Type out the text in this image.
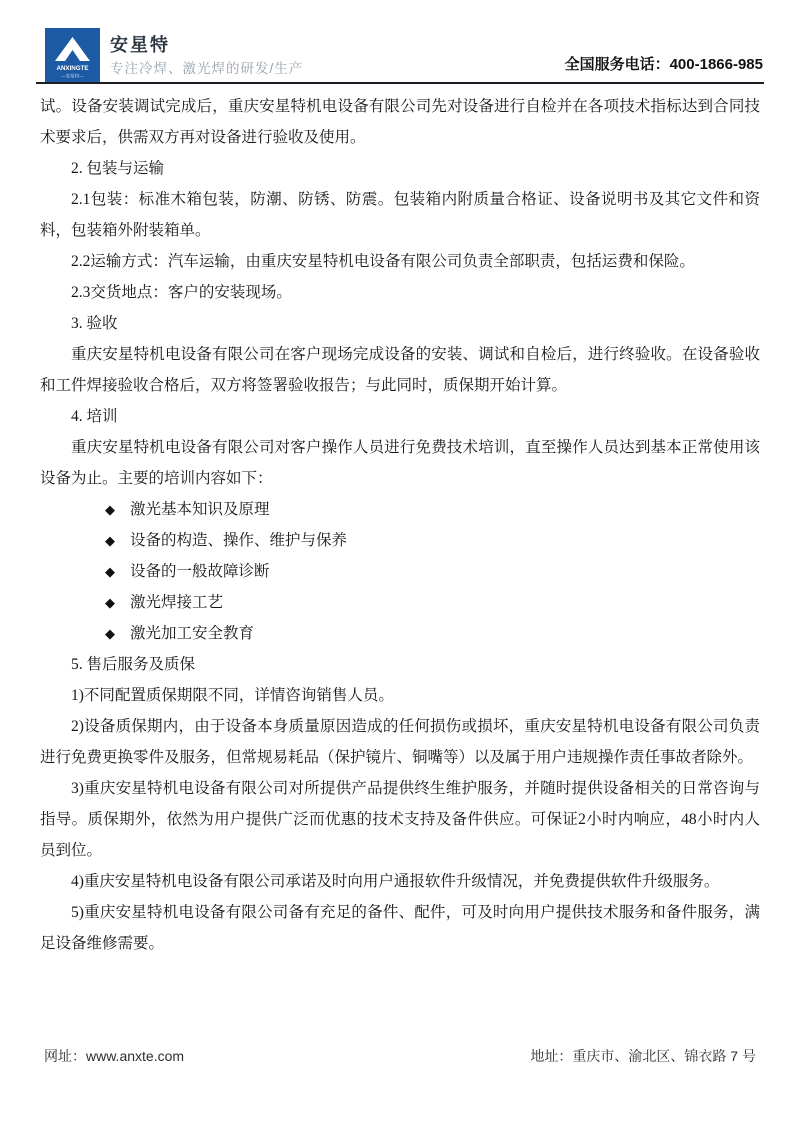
ANXINGTE
—安星特—
安星特
专注冷焊、激光焊的研发/生产	全国服务电话：400-1866-985

试。设备安装调试完成后，重庆安星特机电设备有限公司先对设备进行自检并在各项技术指标达到合同技术要求后，供需双方再对设备进行验收及使用。

2. 包装与运输

2.1包装：标准木箱包装，防潮、防锈、防震。包装箱内附质量合格证、设备说明书及其它文件和资料，包装箱外附装箱单。

2.2运输方式：汽车运输，由重庆安星特机电设备有限公司负责全部职责，包括运费和保险。

2.3交货地点：客户的安装现场。

3. 验收

重庆安星特机电设备有限公司在客户现场完成设备的安装、调试和自检后，进行终验收。在设备验收和工件焊接验收合格后，双方将签署验收报告；与此同时，质保期开始计算。

4. 培训

重庆安星特机电设备有限公司对客户操作人员进行免费技术培训，直至操作人员达到基本正常使用该设备为止。主要的培训内容如下：

◆ 激光基本知识及原理

◆ 设备的构造、操作、维护与保养

◆ 设备的一般故障诊断

◆ 激光焊接工艺

◆ 激光加工安全教育

5. 售后服务及质保

1)不同配置质保期限不同，详情咨询销售人员。

2)设备质保期内，由于设备本身质量原因造成的任何损伤或损坏，重庆安星特机电设备有限公司负责进行免费更换零件及服务，但常规易耗品（保护镜片、铜嘴等）以及属于用户违规操作责任事故者除外。

3)重庆安星特机电设备有限公司对所提供产品提供终生维护服务，并随时提供设备相关的日常咨询与指导。质保期外，依然为用户提供广泛而优惠的技术支持及备件供应。可保证2小时内响应，48小时内人员到位。

4)重庆安星特机电设备有限公司承诺及时向用户通报软件升级情况，并免费提供软件升级服务。

5)重庆安星特机电设备有限公司备有充足的备件、配件，可及时向用户提供技术服务和备件服务，满足设备维修需要。

网址：www.anxte.com	地址：重庆市、渝北区、锦衣路 7 号
